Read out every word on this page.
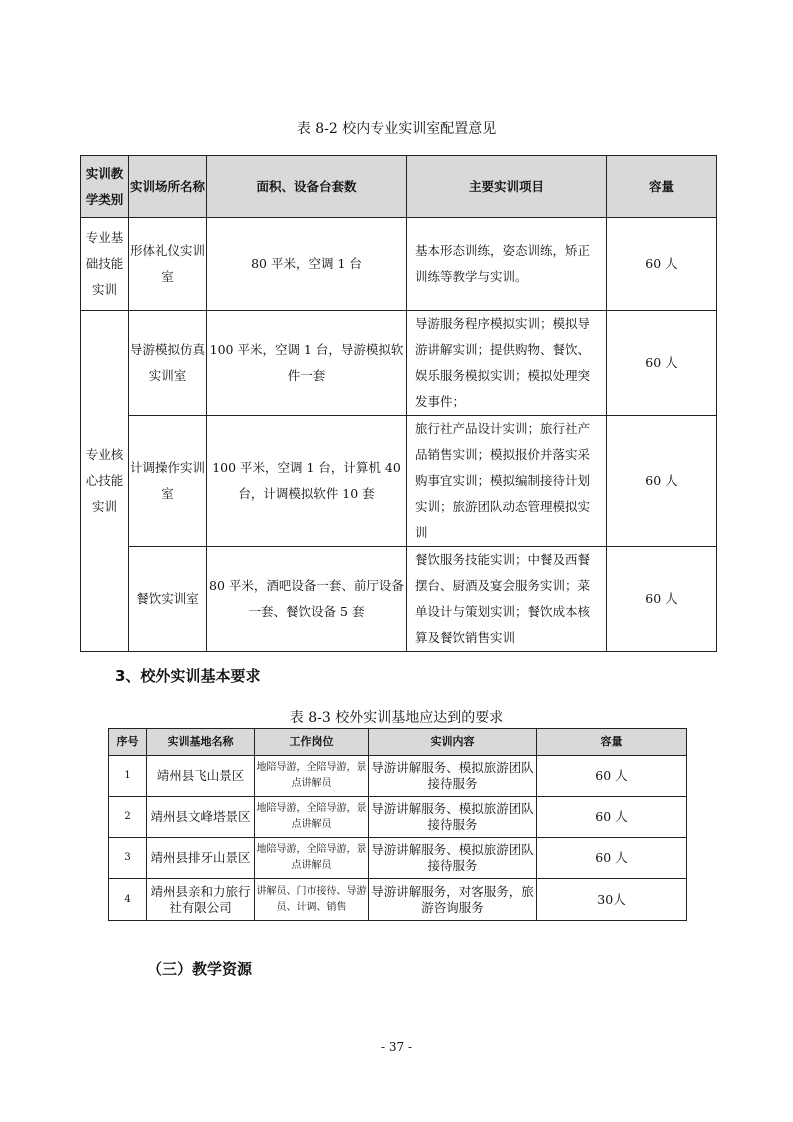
表 8-2 校内专业实训室配置意见
实训教学类别	实训场所名称	面积、设备台套数	主要实训项目	容量
专业基础技能实训	形体礼仪实训室	80 平米，空调 1 台	基本形态训练，姿态训练，矫正训练等教学与实训。	60 人
专业核心技能实训	导游模拟仿真实训室	100 平米，空调 1 台，导游模拟软件一套	导游服务程序模拟实训；模拟导游讲解实训；提供购物、餐饮、娱乐服务模拟实训；模拟处理突发事件；	60 人
	计调操作实训室	100 平米，空调 1 台，计算机 40 台，计调模拟软件 10 套	旅行社产品设计实训；旅行社产品销售实训；模拟报价并落实采购事宜实训；模拟编制接待计划实训；旅游团队动态管理模拟实训	60 人
	餐饮实训室	80 平米，酒吧设备一套、前厅设备一套、餐饮设备 5 套	餐饮服务技能实训；中餐及西餐摆台、厨酒及宴会服务实训；菜单设计与策划实训；餐饮成本核算及餐饮销售实训	60 人
3、校外实训基本要求
表 8-3 校外实训基地应达到的要求
序号	实训基地名称	工作岗位	实训内容	容量
1	靖州县飞山景区	地陪导游，全陪导游，景点讲解员	导游讲解服务、模拟旅游团队接待服务	60 人
2	靖州县文峰塔景区	地陪导游，全陪导游，景点讲解员	导游讲解服务、模拟旅游团队接待服务	60 人
3	靖州县排牙山景区	地陪导游，全陪导游，景点讲解员	导游讲解服务、模拟旅游团队接待服务	60 人
4	靖州县亲和力旅行社有限公司	讲解员、门市接待、导游员、计调、销售	导游讲解服务，对客服务，旅游咨询服务	30人
（三）教学资源
- 37 -
